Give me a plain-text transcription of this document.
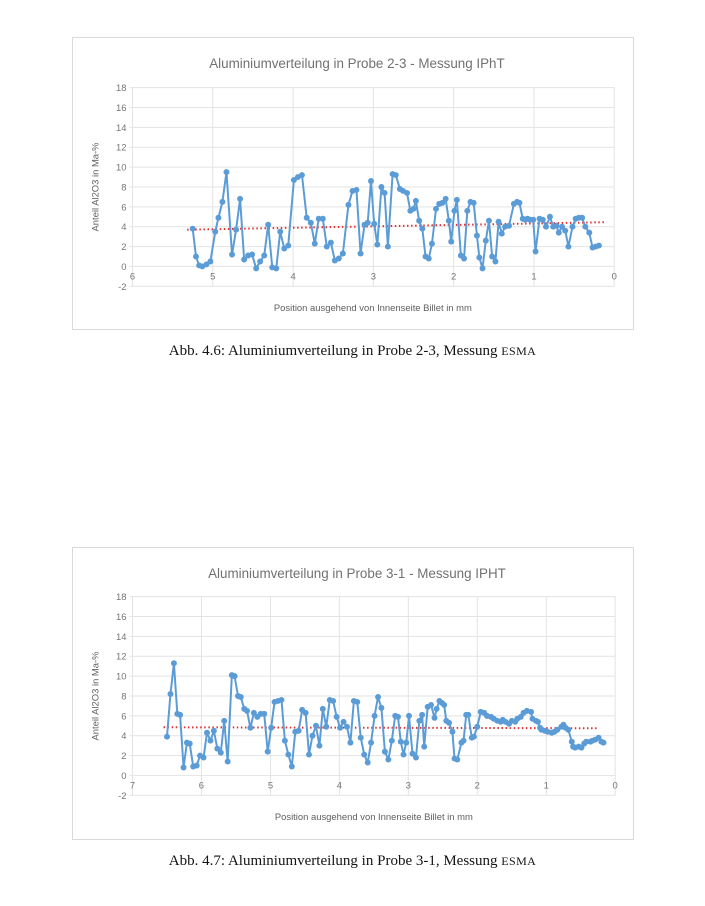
18
16
14
12
10
8
6
4
2
0
-2
6	5	4	3	2	1	0
Aluminiumverteilung in Probe 2-3 - Messung IPhT
Anteil Al2O3 in Ma-%
Position ausgehend von Innenseite Billet in mm
Abb. 4.6: Aluminiumverteilung in Probe 2-3, Messung ESMA
18
16
14
12
10
8
6
4
2
0
-2
7	6	5	4	3	2	1	0
Aluminiumverteilung in Probe 3-1 - Messung IPHT
Anteil Al2O3 in Ma-%
Position ausgehend von Innenseite Billet in mm
Abb. 4.7: Aluminiumverteilung in Probe 3-1, Messung ESMA
